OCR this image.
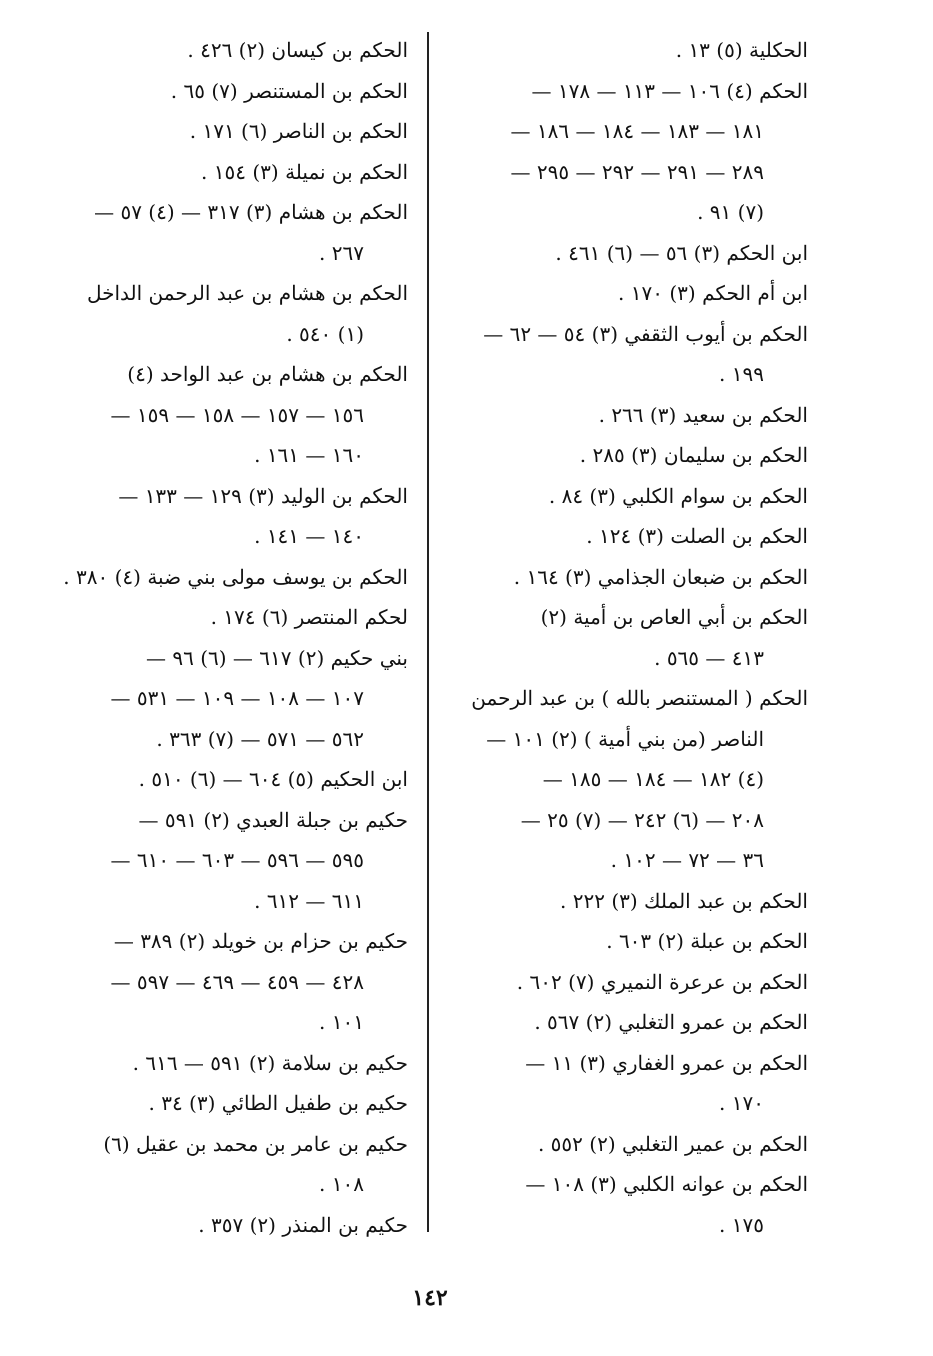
الحكلية (٥) ١٣ .
الحكم (٤) ١٠٦ — ١١٣ — ١٧٨ —
١٨١ — ١٨٣ — ١٨٤ — ١٨٦ —
٢٨٩ — ٢٩١ — ٢٩٢ — ٢٩٥ —
(٧) ٩١ .
ابن الحكم (٣) ٥٦ — (٦) ٤٦١ .
ابن أم الحكم (٣) ١٧٠ .
الحكم بن أيوب الثقفي (٣) ٥٤ — ٦٢ —
١٩٩ .
الحكم بن سعيد (٣) ٢٦٦ .
الحكم بن سليمان (٣) ٢٨٥ .
الحكم بن سوام الكلبي (٣) ٨٤ .
الحكم بن الصلت (٣) ١٢٤ .
الحكم بن ضبعان الجذامي (٣) ١٦٤ .
الحكم بن أبي العاص بن أمية (٢)
٤١٣ — ٥٦٥ .
الحكم ( المستنصر بالله ) بن عبد الرحمن
الناصر (من بني أمية ) (٢) ١٠١ —
(٤) ١٨٢ — ١٨٤ — ١٨٥ —
٢٠٨ — (٦) ٢٤٢ — (٧) ٢٥ —
٣٦ — ٧٢ — ١٠٢ .
الحكم بن عبد الملك (٣) ٢٢٢ .
الحكم بن عبلة (٢) ٦٠٣ .
الحكم بن عرعرة النميري (٧) ٦٠٢ .
الحكم بن عمرو التغلبي (٢) ٥٦٧ .
الحكم بن عمرو الغفاري (٣) ١١ —
١٧٠ .
الحكم بن عمير التغلبي (٢) ٥٥٢ .
الحكم بن عوانه الكلبي (٣) ١٠٨ —
١٧٥ .
الحكم بن كيسان (٢) ٤٢٦ .
الحكم بن المستنصر (٧) ٦٥ .
الحكم بن الناصر (٦) ١٧١ .
الحكم بن نميلة (٣) ١٥٤ .
الحكم بن هشام (٣) ٣١٧ — (٤) ٥٧ —
٢٦٧ .
الحكم بن هشام بن عبد الرحمن الداخل
(١) ٥٤٠ .
الحكم بن هشام بن عبد الواحد (٤)
١٥٦ — ١٥٧ — ١٥٨ — ١٥٩ —
١٦٠ — ١٦١ .
الحكم بن الوليد (٣) ١٢٩ — ١٣٣ —
١٤٠ — ١٤١ .
الحكم بن يوسف مولى بني ضبة (٤) ٣٨٠ .
لحكم المنتصر (٦) ١٧٤ .
بني حكيم (٢) ٦١٧ — (٦) ٩٦ —
١٠٧ — ١٠٨ — ١٠٩ — ٥٣١ —
٥٦٢ — ٥٧١ — (٧) ٣٦٣ .
ابن الحكيم (٥) ٦٠٤ — (٦) ٥١٠ .
حكيم بن جبلة العبدي (٢) ٥٩١ —
٥٩٥ — ٥٩٦ — ٦٠٣ — ٦١٠ —
٦١١ — ٦١٢ .
حكيم بن حزام بن خويلد (٢) ٣٨٩ —
٤٢٨ — ٤٥٩ — ٤٦٩ — ٥٩٧ —
١٠١ .
حكيم بن سلامة (٢) ٥٩١ — ٦١٦ .
حكيم بن طفيل الطائي (٣) ٣٤ .
حكيم بن عامر بن محمد بن عقيل (٦)
١٠٨ .
حكيم بن المنذر (٢) ٣٥٧ .
١٤٢
